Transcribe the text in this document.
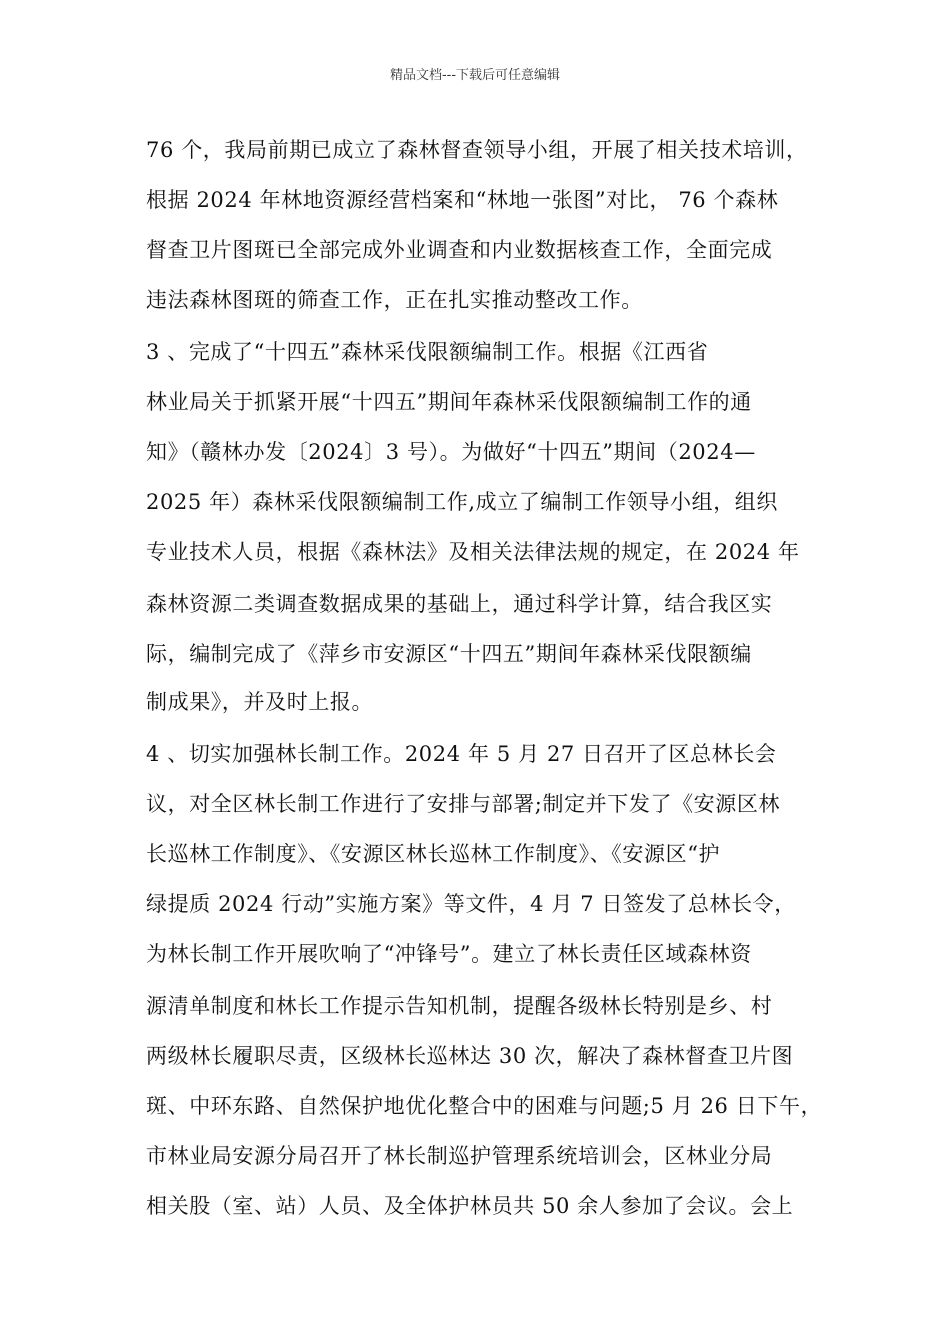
精品文档---下载后可任意编辑
76 个，我局前期已成立了森林督查领导小组，开展了相关技术培训，
根据 2024 年林地资源经营档案和“林地一张图”对比， 76 个森林
督查卫片图斑已全部完成外业调查和内业数据核查工作，全面完成
违法森林图斑的筛查工作，正在扎实推动整改工作。
3 、完成了“十四五”森林采伐限额编制工作。根据《江西省
林业局关于抓紧开展“十四五”期间年森林采伐限额编制工作的通
知》（赣林办发〔2024〕3 号）。为做好“十四五”期间（2024—
2025 年）森林采伐限额编制工作,成立了编制工作领导小组，组织
专业技术人员，根据《森林法》及相关法律法规的规定，在 2024 年
森林资源二类调查数据成果的基础上，通过科学计算，结合我区实
际，编制完成了《萍乡市安源区“十四五”期间年森林采伐限额编
制成果》，并及时上报。
4 、切实加强林长制工作。2024 年 5 月 27 日召开了区总林长会
议，对全区林长制工作进行了安排与部署;制定并下发了《安源区林
长巡林工作制度》、《安源区林长巡林工作制度》、《安源区“护
绿提质 2024 行动”实施方案》等文件，4 月 7 日签发了总林长令，
为林长制工作开展吹响了“冲锋号”。建立了林长责任区域森林资
源清单制度和林长工作提示告知机制，提醒各级林长特别是乡、村
两级林长履职尽责，区级林长巡林达 30 次，解决了森林督查卫片图
斑、中环东路、自然保护地优化整合中的困难与问题;5 月 26 日下午，
市林业局安源分局召开了林长制巡护管理系统培训会，区林业分局
相关股（室、站）人员、及全体护林员共 50 余人参加了会议。会上
